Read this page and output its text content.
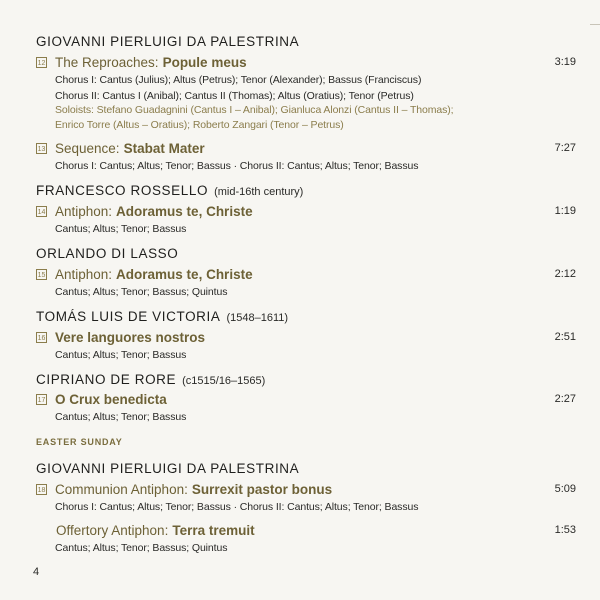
GIOVANNI PIERLUIGI DA PALESTRINA
12 The Reproaches: Popule meus	3:19
Chorus I: Cantus (Julius); Altus (Petrus); Tenor (Alexander); Bassus (Franciscus)
Chorus II: Cantus I (Anibal); Cantus II (Thomas); Altus (Oratius); Tenor (Petrus)
Soloists: Stefano Guadagnini (Cantus I – Anibal); Gianluca Alonzi (Cantus II – Thomas);
Enrico Torre (Altus – Oratius); Roberto Zangari (Tenor – Petrus)
13 Sequence: Stabat Mater	7:27
Chorus I: Cantus; Altus; Tenor; Bassus · Chorus II: Cantus; Altus; Tenor; Bassus
FRANCESCO ROSSELLO (mid-16th century)
14 Antiphon: Adoramus te, Christe	1:19
Cantus; Altus; Tenor; Bassus
ORLANDO DI LASSO
15 Antiphon: Adoramus te, Christe	2:12
Cantus; Altus; Tenor; Bassus; Quintus
TOMÁS LUIS DE VICTORIA (1548–1611)
16 Vere languores nostros	2:51
Cantus; Altus; Tenor; Bassus
CIPRIANO DE RORE (c1515/16–1565)
17 O Crux benedicta	2:27
Cantus; Altus; Tenor; Bassus
EASTER SUNDAY
GIOVANNI PIERLUIGI DA PALESTRINA
18 Communion Antiphon: Surrexit pastor bonus	5:09
Chorus I: Cantus; Altus; Tenor; Bassus · Chorus II: Cantus; Altus; Tenor; Bassus
Offertory Antiphon: Terra tremuit	1:53
Cantus; Altus; Tenor; Bassus; Quintus
4
